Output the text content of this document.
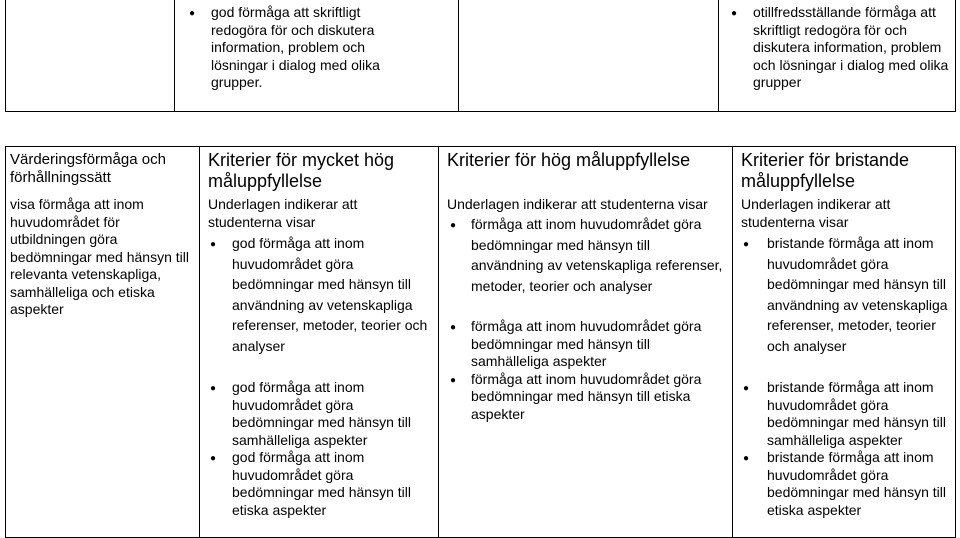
● god förmåga att skriftligt redogöra för och diskutera information, problem och lösningar i dialog med olika grupper.
● otillfredsställande förmåga att skriftligt redogöra för och diskutera information, problem och lösningar i dialog med olika grupper
Värderingsförmåga och förhållningssätt
Kriterier för mycket hög måluppfyllelse
Kriterier för hög måluppfyllelse	Kriterier för bristande måluppfyllelse
visa förmåga att inom huvudområdet för utbildningen göra bedömningar med hänsyn till relevanta vetenskapliga, samhälleliga och etiska aspekter
Underlagen indikerar att studenterna visar
● god förmåga att inom huvudområdet göra bedömningar med hänsyn till användning av vetenskapliga referenser, metoder, teorier och analyser
● god förmåga att inom huvudområdet göra bedömningar med hänsyn till samhälleliga aspekter
● god förmåga att inom huvudområdet göra bedömningar med hänsyn till etiska aspekter
Underlagen indikerar att studenterna visar
● förmåga att inom huvudområdet göra bedömningar med hänsyn till användning av vetenskapliga referenser, metoder, teorier och analyser
● förmåga att inom huvudområdet göra bedömningar med hänsyn till samhälleliga aspekter
● förmåga att inom huvudområdet göra bedömningar med hänsyn till etiska aspekter
Underlagen indikerar att studenterna visar
● bristande förmåga att inom huvudområdet göra bedömningar med hänsyn till användning av vetenskapliga referenser, metoder, teorier och analyser
● bristande förmåga att inom huvudområdet göra bedömningar med hänsyn till samhälleliga aspekter
● bristande förmåga att inom huvudområdet göra bedömningar med hänsyn till etiska aspekter
